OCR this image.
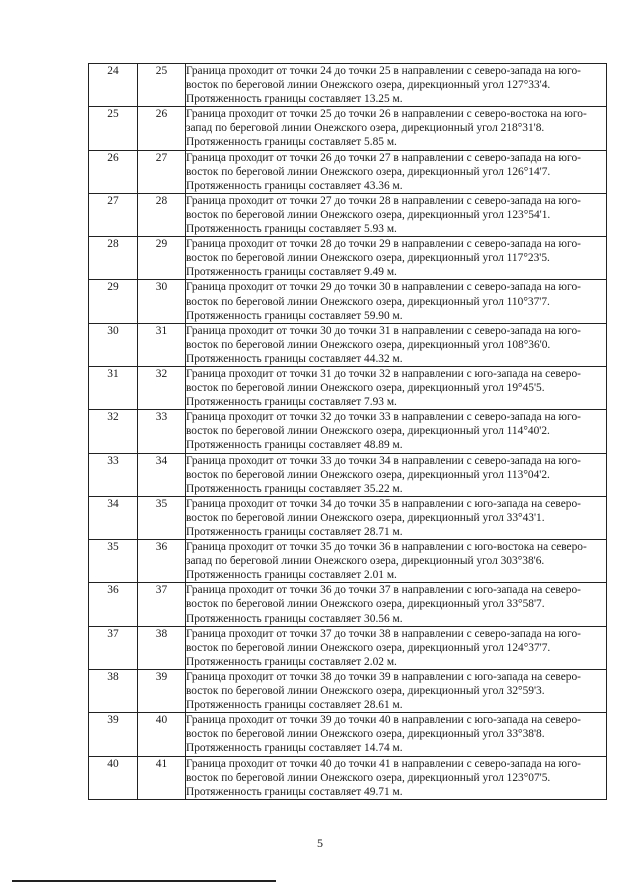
24	25	Граница проходит от точки 24 до точки 25 в направлении с северо-запада на юго-восток по береговой линии Онежского озера, дирекционный угол 127°33'4. Протяженность границы составляет 13.25 м.
25	26	Граница проходит от точки 25 до точки 26 в направлении с северо-востока на юго-запад по береговой линии Онежского озера, дирекционный угол 218°31'8. Протяженность границы составляет 5.85 м.
26	27	Граница проходит от точки 26 до точки 27 в направлении с северо-запада на юго-восток по береговой линии Онежского озера, дирекционный угол 126°14'7. Протяженность границы составляет 43.36 м.
27	28	Граница проходит от точки 27 до точки 28 в направлении с северо-запада на юго-восток по береговой линии Онежского озера, дирекционный угол 123°54'1. Протяженность границы составляет 5.93 м.
28	29	Граница проходит от точки 28 до точки 29 в направлении с северо-запада на юго-восток по береговой линии Онежского озера, дирекционный угол 117°23'5. Протяженность границы составляет 9.49 м.
29	30	Граница проходит от точки 29 до точки 30 в направлении с северо-запада на юго-восток по береговой линии Онежского озера, дирекционный угол 110°37'7. Протяженность границы составляет 59.90 м.
30	31	Граница проходит от точки 30 до точки 31 в направлении с северо-запада на юго-восток по береговой линии Онежского озера, дирекционный угол 108°36'0. Протяженность границы составляет 44.32 м.
31	32	Граница проходит от точки 31 до точки 32 в направлении с юго-запада на северо-восток по береговой линии Онежского озера, дирекционный угол 19°45'5. Протяженность границы составляет 7.93 м.
32	33	Граница проходит от точки 32 до точки 33 в направлении с северо-запада на юго-восток по береговой линии Онежского озера, дирекционный угол 114°40'2. Протяженность границы составляет 48.89 м.
33	34	Граница проходит от точки 33 до точки 34 в направлении с северо-запада на юго-восток по береговой линии Онежского озера, дирекционный угол 113°04'2. Протяженность границы составляет 35.22 м.
34	35	Граница проходит от точки 34 до точки 35 в направлении с юго-запада на северо-восток по береговой линии Онежского озера, дирекционный угол 33°43'1. Протяженность границы составляет 28.71 м.
35	36	Граница проходит от точки 35 до точки 36 в направлении с юго-востока на северо-запад по береговой линии Онежского озера, дирекционный угол 303°38'6. Протяженность границы составляет 2.01 м.
36	37	Граница проходит от точки 36 до точки 37 в направлении с юго-запада на северо-восток по береговой линии Онежского озера, дирекционный угол 33°58'7. Протяженность границы составляет 30.56 м.
37	38	Граница проходит от точки 37 до точки 38 в направлении с северо-запада на юго-восток по береговой линии Онежского озера, дирекционный угол 124°37'7. Протяженность границы составляет 2.02 м.
38	39	Граница проходит от точки 38 до точки 39 в направлении с юго-запада на северо-восток по береговой линии Онежского озера, дирекционный угол 32°59'3. Протяженность границы составляет 28.61 м.
39	40	Граница проходит от точки 39 до точки 40 в направлении с юго-запада на северо-восток по береговой линии Онежского озера, дирекционный угол 33°38'8. Протяженность границы составляет 14.74 м.
40	41	Граница проходит от точки 40 до точки 41 в направлении с северо-запада на юго-восток по береговой линии Онежского озера, дирекционный угол 123°07'5. Протяженность границы составляет 49.71 м.
5
